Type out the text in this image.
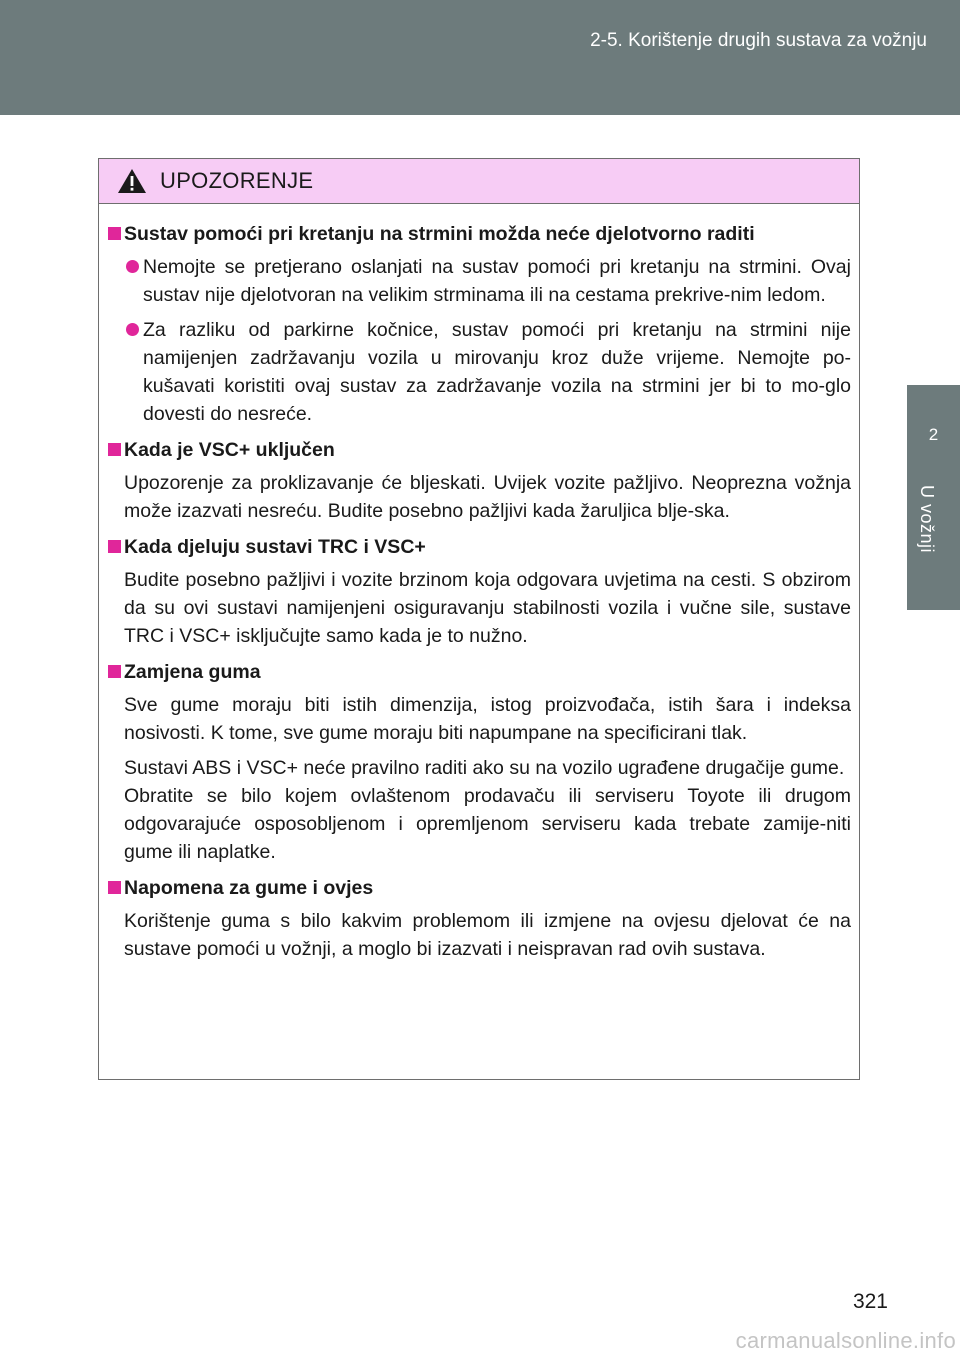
2-5. Korištenje drugih sustava za vožnju
2
U vožnji
UPOZORENJE
Sustav pomoći pri kretanju na strmini možda neće djelotvorno raditi
Nemojte se pretjerano oslanjati na sustav pomoći pri kretanju na strmini. Ovaj sustav nije djelotvoran na velikim strminama ili na cestama prekrive-nim ledom.
Za razliku od parkirne kočnice, sustav pomoći pri kretanju na strmini nije namijenjen zadržavanju vozila u mirovanju kroz duže vrijeme. Nemojte po-kušavati koristiti ovaj sustav za zadržavanje vozila na strmini jer bi to mo-glo dovesti do nesreće.
Kada je VSC+ uključen
Upozorenje za proklizavanje će bljeskati. Uvijek vozite pažljivo. Neoprezna vožnja može izazvati nesreću. Budite posebno pažljivi kada žaruljica blje-ska.
Kada djeluju sustavi TRC i VSC+
Budite posebno pažljivi i vozite brzinom koja odgovara uvjetima na cesti. S obzirom da su ovi sustavi namijenjeni osiguravanju stabilnosti vozila i vučne sile, sustave TRC i VSC+ isključujte samo kada je to nužno.
Zamjena guma
Sve gume moraju biti istih dimenzija, istog proizvođača, istih šara i indeksa nosivosti. K tome, sve gume moraju biti napumpane na specificirani tlak.
Sustavi ABS i VSC+ neće pravilno raditi ako su na vozilo ugrađene drugačije gume.
Obratite se bilo kojem ovlaštenom prodavaču ili serviseru Toyote ili drugom odgovarajuće osposobljenom i opremljenom serviseru kada trebate zamije-niti gume ili naplatke.
Napomena za gume i ovjes
Korištenje guma s bilo kakvim problemom ili izmjene na ovjesu djelovat će na sustave pomoći u vožnji, a moglo bi izazvati i neispravan rad ovih sustava.
321
carmanualsonline.info
